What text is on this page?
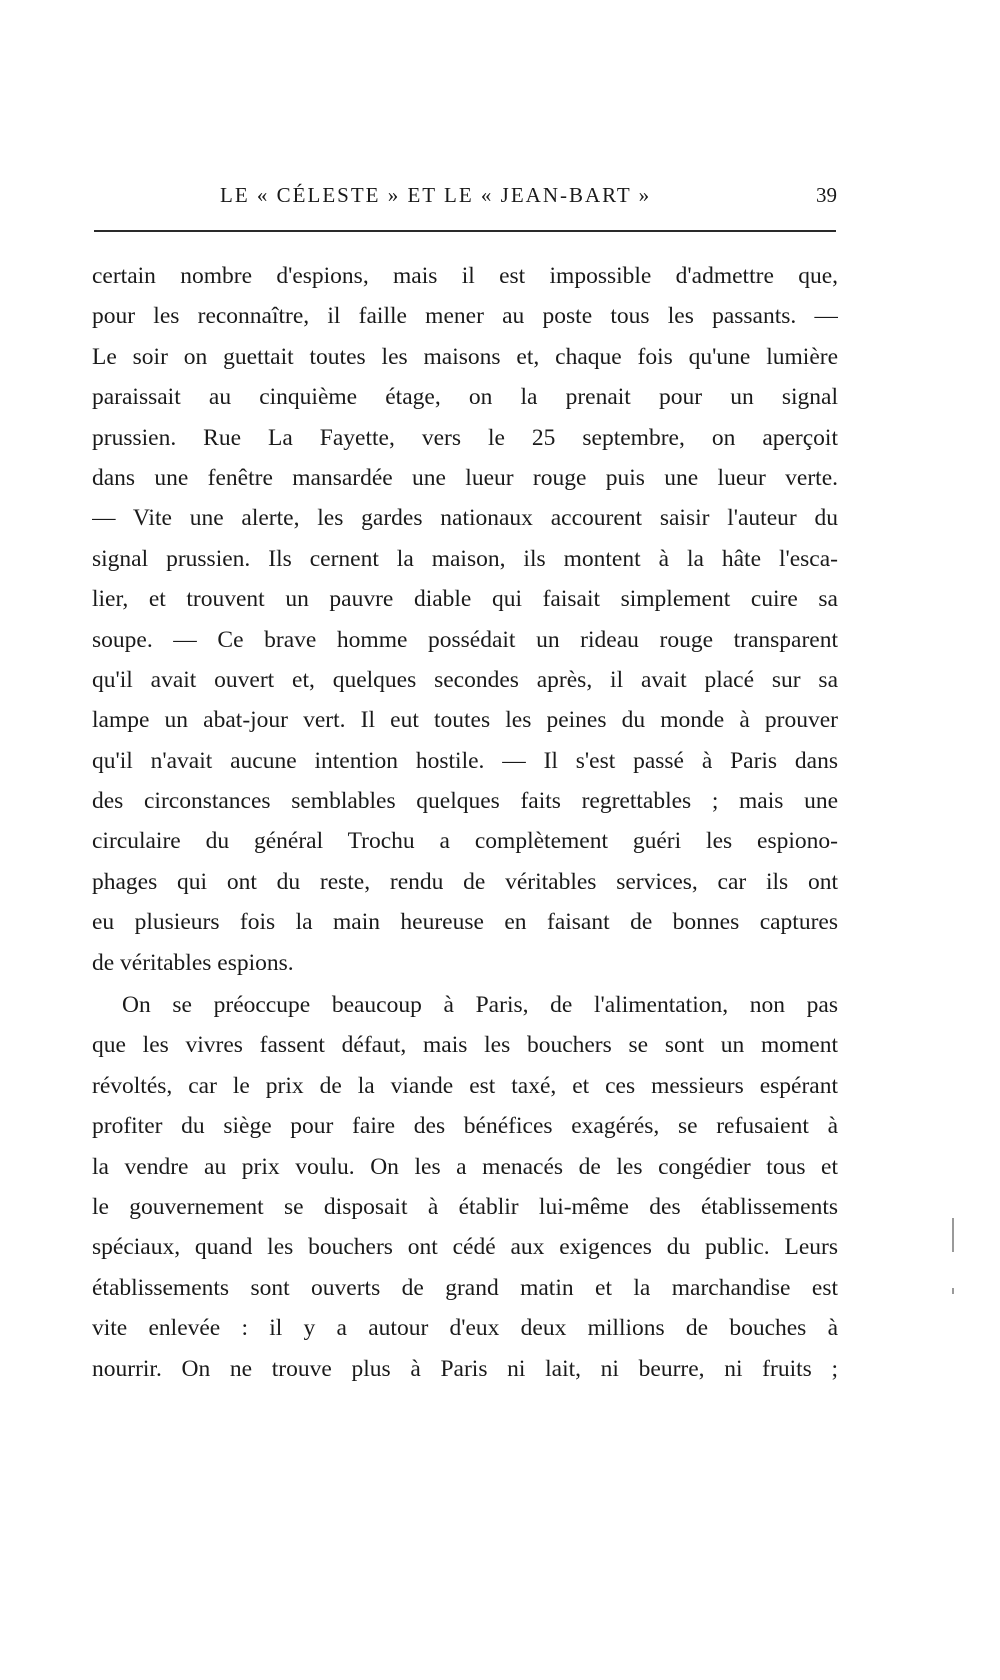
LE « CÉLESTE » ET LE « JEAN-BART »	39
certain nombre d'espions, mais il est impossible d'admettre que,
pour les reconnaître, il faille mener au poste tous les passants. —
Le soir on guettait toutes les maisons et, chaque fois qu'une lumière
paraissait au cinquième étage, on la prenait pour un signal
prussien. Rue La Fayette, vers le 25 septembre, on aperçoit
dans une fenêtre mansardée une lueur rouge puis une lueur verte.
— Vite une alerte, les gardes nationaux accourent saisir l'auteur du
signal prussien. Ils cernent la maison, ils montent à la hâte l'esca-
lier, et trouvent un pauvre diable qui faisait simplement cuire sa
soupe. — Ce brave homme possédait un rideau rouge transparent
qu'il avait ouvert et, quelques secondes après, il avait placé sur sa
lampe un abat-jour vert. Il eut toutes les peines du monde à prouver
qu'il n'avait aucune intention hostile. — Il s'est passé à Paris dans
des circonstances semblables quelques faits regrettables ; mais une
circulaire du général Trochu a complètement guéri les espiono-
phages qui ont du reste, rendu de véritables services, car ils ont
eu plusieurs fois la main heureuse en faisant de bonnes captures
de véritables espions.
On se préoccupe beaucoup à Paris, de l'alimentation, non pas
que les vivres fassent défaut, mais les bouchers se sont un moment
révoltés, car le prix de la viande est taxé, et ces messieurs espérant
profiter du siège pour faire des bénéfices exagérés, se refusaient à
la vendre au prix voulu. On les a menacés de les congédier tous et
le gouvernement se disposait à établir lui-même des établissements
spéciaux, quand les bouchers ont cédé aux exigences du public. Leurs
établissements sont ouverts de grand matin et la marchandise est
vite enlevée : il y a autour d'eux deux millions de bouches à
nourrir. On ne trouve plus à Paris ni lait, ni beurre, ni fruits ;
